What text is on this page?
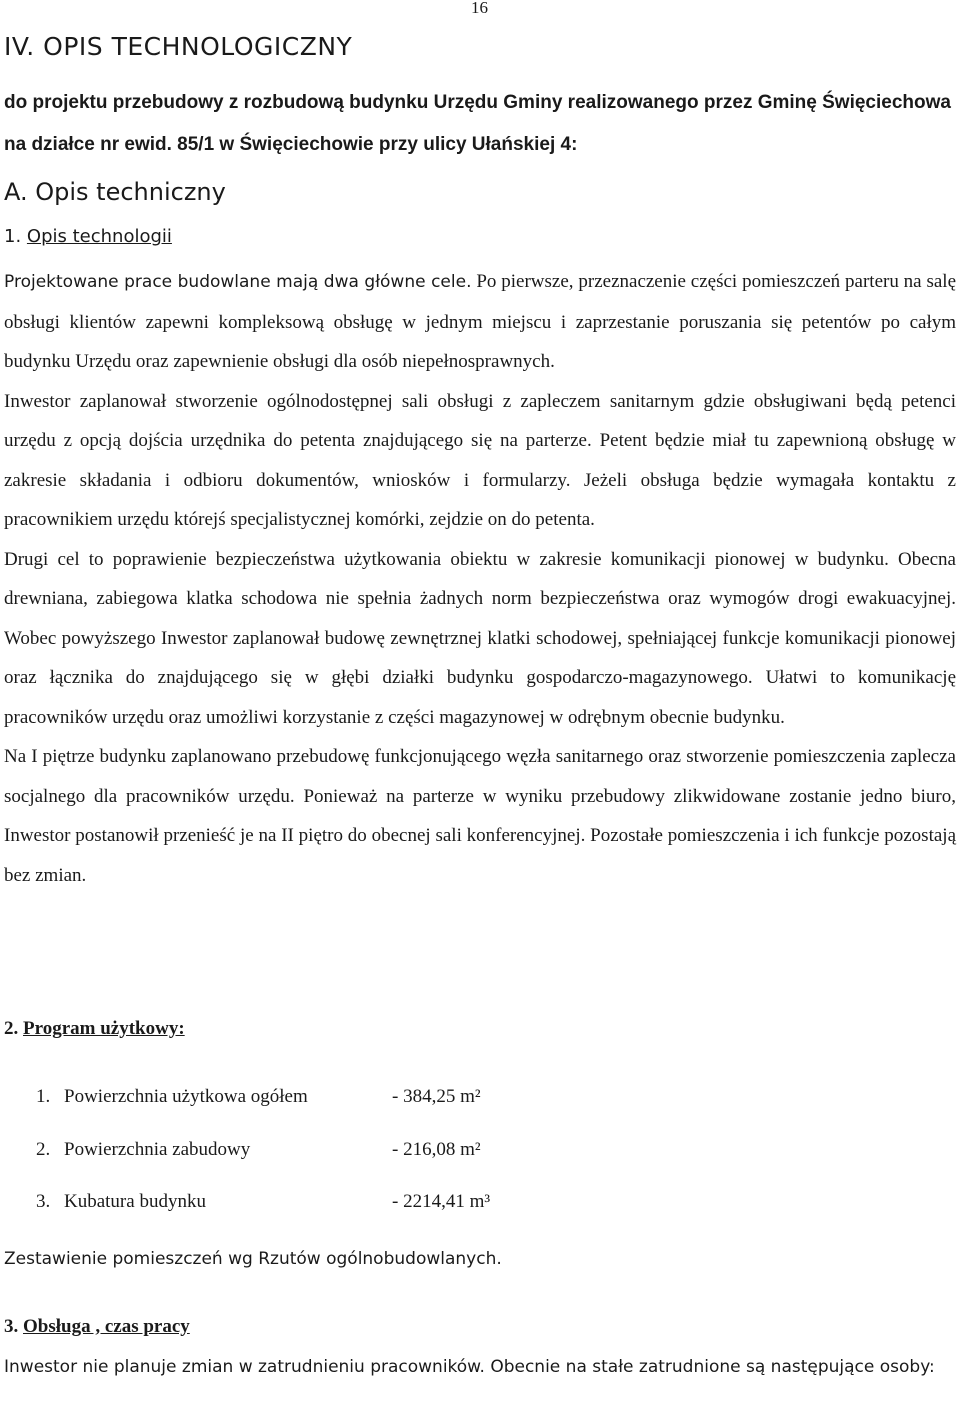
16
IV. OPIS TECHNOLOGICZNY
do projektu przebudowy z rozbudową budynku Urzędu Gminy realizowanego przez Gminę Święciechowa na działce nr ewid. 85/1 w Święciechowie przy ulicy Ułańskiej 4:
A. Opis techniczny
1. Opis technologii

Projektowane prace budowlane mają dwa główne cele. Po pierwsze, przeznaczenie części pomieszczeń parteru na salę obsługi klientów zapewni kompleksową obsługę w jednym miejscu i zaprzestanie poruszania się petentów po całym budynku Urzędu oraz zapewnienie obsługi dla osób niepełnosprawnych.

Inwestor zaplanował stworzenie ogólnodostępnej sali obsługi z zapleczem sanitarnym gdzie obsługiwani będą petenci urzędu z opcją dojścia urzędnika do petenta znajdującego się na parterze. Petent będzie miał tu zapewnioną obsługę w zakresie składania i odbioru dokumentów, wniosków i formularzy. Jeżeli obsługa będzie wymagała kontaktu z pracownikiem urzędu którejś specjalistycznej komórki, zejdzie on do petenta.

Drugi cel to poprawienie bezpieczeństwa użytkowania obiektu w zakresie komunikacji pionowej w budynku. Obecna drewniana, zabiegowa klatka schodowa nie spełnia żadnych norm bezpieczeństwa oraz wymogów drogi ewakuacyjnej. Wobec powyższego Inwestor zaplanował budowę zewnętrznej klatki schodowej, spełniającej funkcje komunikacji pionowej oraz łącznika do znajdującego się w głębi działki budynku gospodarczo-magazynowego. Ułatwi to komunikację pracowników urzędu oraz umożliwi korzystanie z części magazynowej w odrębnym obecnie budynku.

Na I piętrze budynku zaplanowano przebudowę funkcjonującego węzła sanitarnego oraz stworzenie pomieszczenia zaplecza socjalnego dla pracowników urzędu. Ponieważ na parterze w wyniku przebudowy zlikwidowane zostanie jedno biuro, Inwestor postanowił przenieść je na II piętro do obecnej sali konferencyjnej. Pozostałe pomieszczenia i ich funkcje pozostają bez zmian.

2. Program użytkowy:
1. Powierzchnia użytkowa ogółem	- 384,25 m²
2. Powierzchnia zabudowy	- 216,08 m²
3. Kubatura budynku	- 2214,41 m³
Zestawienie pomieszczeń wg Rzutów ogólnobudowlanych.
3. Obsługa , czas pracy
Inwestor nie planuje zmian w zatrudnieniu pracowników. Obecnie na stałe zatrudnione są następujące osoby:
